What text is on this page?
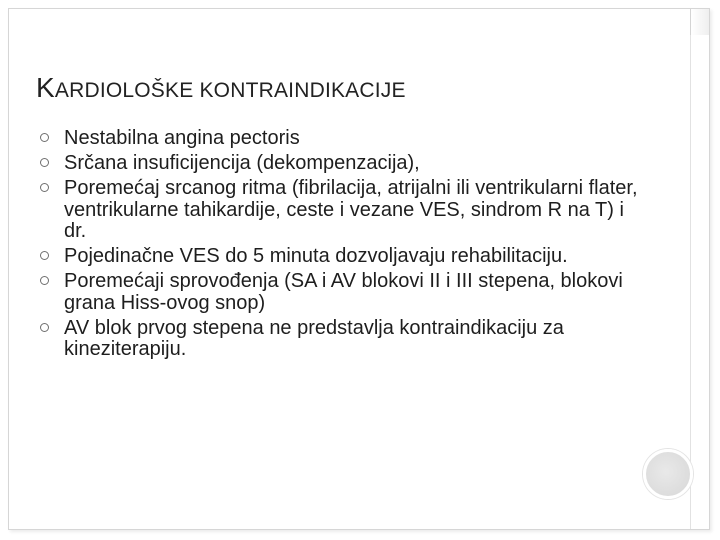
KARDIOLOŠKE KONTRAINDIKACIJE
Nestabilna angina pectoris
Srčana insuficijencija (dekompenzacija),
Poremećaj srcanog ritma (fibrilacija, atrijalni ili ventrikularni flater, ventrikularne tahikardije, ceste i vezane VES, sindrom R na T) i dr.
Pojedinačne VES do 5 minuta dozvoljavaju rehabilitaciju.
Poremećaji sprovođenja (SA i AV blokovi II i III stepena, blokovi grana Hiss-ovog snop)
AV blok prvog stepena ne predstavlja kontraindikaciju za kineziterapiju.
